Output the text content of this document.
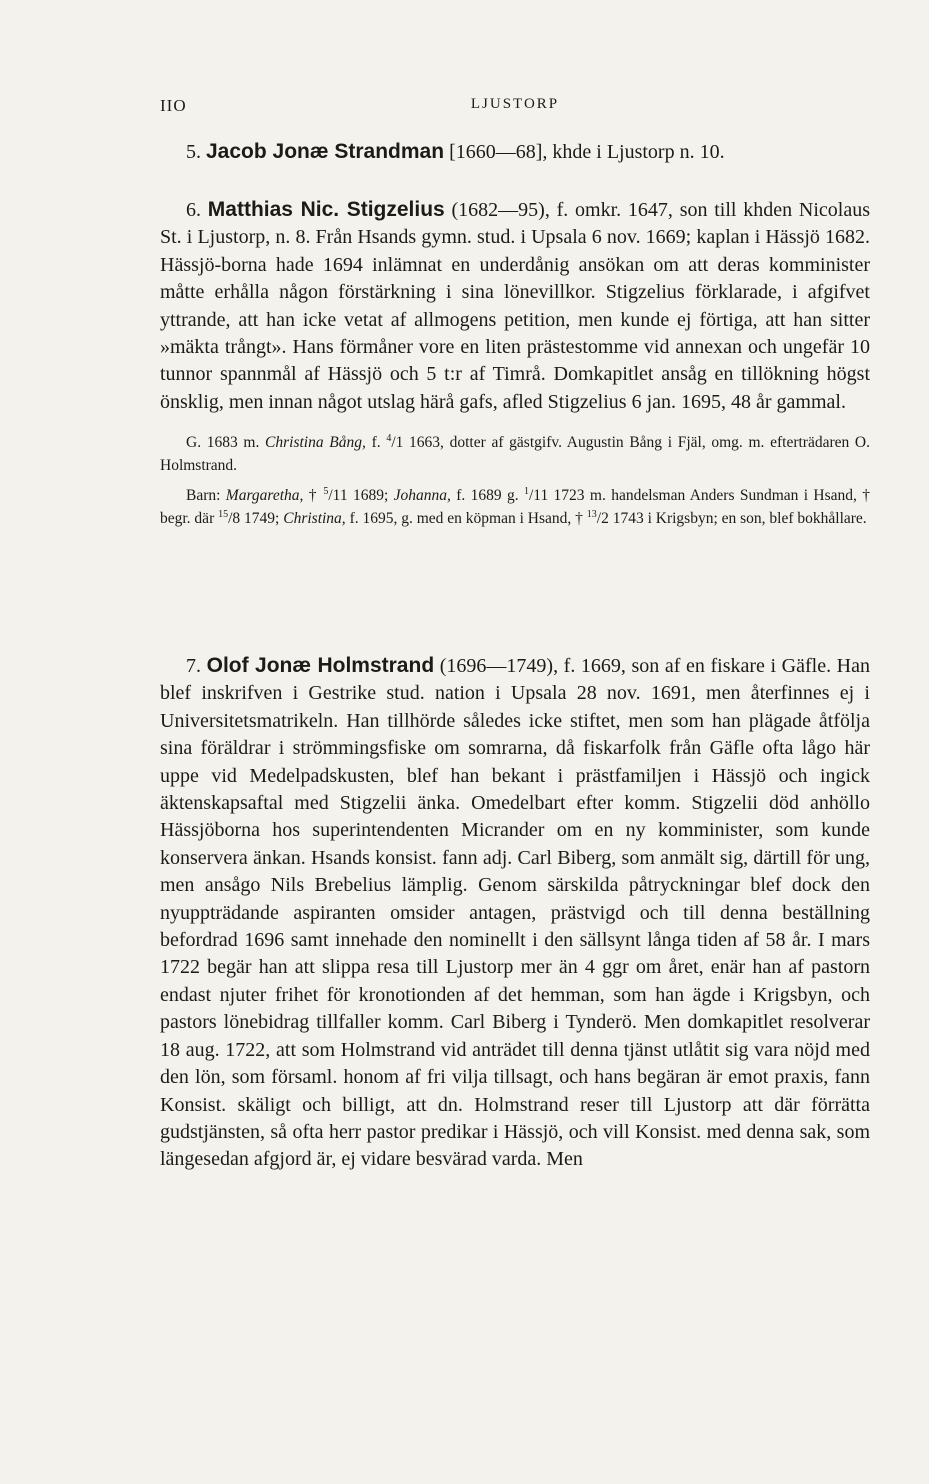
IIO	LJUSTORP

5. Jacob Jonæ Strandman [1660—68], khde i Ljustorp n. 10.

6. Matthias Nic. Stigzelius (1682—95), f. omkr. 1647, son till khden Nicolaus St. i Ljustorp, n. 8. Från Hsands gymn. stud. i Upsala 6 nov. 1669; kaplan i Hässjö 1682. Hässjö-borna hade 1694 inlämnat en underdånig ansökan om att deras komminister måtte erhålla någon förstärkning i sina lönevillkor. Stigzelius förklarade, i afgifvet yttrande, att han icke vetat af allmogens petition, men kunde ej förtiga, att han sitter »mäkta trångt». Hans förmåner vore en liten prästestomme vid annexan och ungefär 10 tunnor spannmål af Hässjö och 5 t:r af Timrå. Domkapitlet ansåg en tillökning högst önsklig, men innan något utslag härå gafs, afled Stigzelius 6 jan. 1695, 48 år gammal.

G. 1683 m. Christina Bång, f. $^4$/1 1663, dotter af gästgifv. Augustin Bång i Fjäl, omg. m. efterträdaren O. Holmstrand.

Barn: Margaretha, † $^5$/11 1689; Johanna, f. 1689 g. $^1$/11 1723 m. handelsman Anders Sundman i Hsand, † begr. där $^{15}$/8 1749; Christina, f. 1695, g. med en köpman i Hsand, † $^{13}$/2 1743 i Krigsbyn; en son, blef bokhållare.

7. Olof Jonæ Holmstrand (1696—1749), f. 1669, son af en fiskare i Gäfle. Han blef inskrifven i Gestrike stud. nation i Upsala 28 nov. 1691, men återfinnes ej i Universitetsmatrikeln. Han tillhörde således icke stiftet, men som han plägade åtfölja sina föräldrar i strömmingsfiske om somrarna, då fiskarfolk från Gäfle ofta lågo här uppe vid Medelpadskusten, blef han bekant i prästfamiljen i Hässjö och ingick äktenskapsaftal med Stigzelii änka. Omedelbart efter komm. Stigzelii död anhöllo Hässjöborna hos superintendenten Micrander om en ny komminister, som kunde konservera änkan. Hsands konsist. fann adj. Carl Biberg, som anmält sig, därtill för ung, men ansågo Nils Brebelius lämplig. Genom särskilda påtryckningar blef dock den nyuppträdande aspiranten omsider antagen, prästvigd och till denna beställning befordrad 1696 samt innehade den nominellt i den sällsynt långa tiden af 58 år. I mars 1722 begär han att slippa resa till Ljustorp mer än 4 ggr om året, enär han af pastorn endast njuter frihet för kronotionden af det hemman, som han ägde i Krigsbyn, och pastors lönebidrag tillfaller komm. Carl Biberg i Tynderö. Men domkapitlet resolverar 18 aug. 1722, att som Holmstrand vid anträdet till denna tjänst utlåtit sig vara nöjd med den lön, som församl. honom af fri vilja tillsagt, och hans begäran är emot praxis, fann Konsist. skäligt och billigt, att dn. Holmstrand reser till Ljustorp att där förrätta gudstjänsten, så ofta herr pastor predikar i Hässjö, och vill Konsist. med denna sak, som längesedan afgjord är, ej vidare besvärad varda. Men
